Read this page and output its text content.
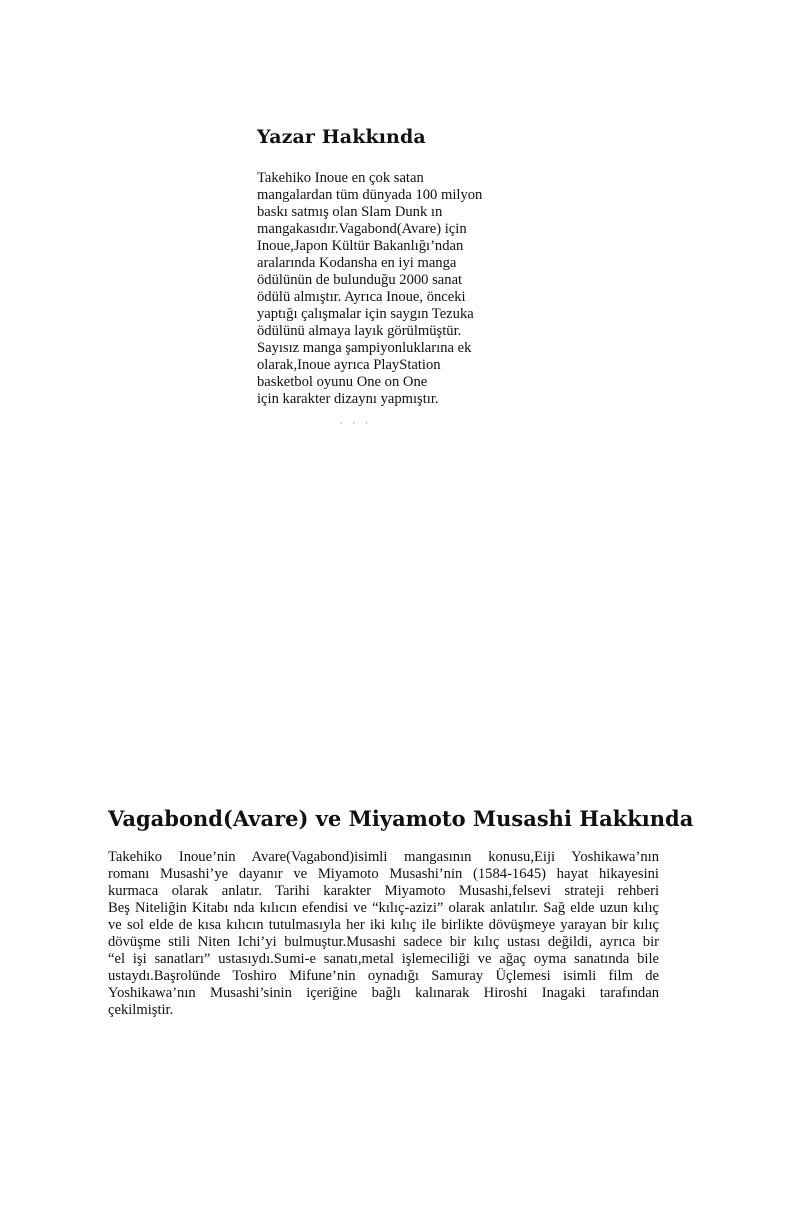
Yazar Hakkında
Takehiko Inoue en çok satan
mangalardan tüm dünyada 100 milyon
baskı satmış olan Slam Dunk ın
mangakasıdır.Vagabond(Avare) için
Inoue,Japon Kültür Bakanlığı’ndan
aralarında Kodansha en iyi manga
ödülünün de bulunduğu 2000 sanat
ödülü almıştır. Ayrıca Inoue, önceki
yaptığı çalışmalar için saygın Tezuka
ödülünü almaya layık görülmüştür.
Sayısız manga şampiyonluklarına ek
olarak,Inoue ayrıca PlayStation
basketbol oyunu One on One
için karakter dizaynı yapmıştır.
···
Vagabond(Avare) ve Miyamoto Musashi Hakkında
Takehiko Inoue’nin Avare(Vagabond)isimli mangasının konusu,Eiji Yoshikawa’nın
romanı Musashi’ye dayanır ve Miyamoto Musashi’nin (1584-1645) hayat hikayesini
kurmaca olarak anlatır. Tarihi karakter Miyamoto Musashi,felsevi strateji rehberi
Beş Niteliğin Kitabı nda kılıcın efendisi ve “kılıç-azizi” olarak anlatılır. Sağ elde uzun kılıç
ve sol elde de kısa kılıcın tutulmasıyla her iki kılıç ile birlikte dövüşmeye yarayan bir kılıç
dövüşme stili Niten Ichi’yi bulmuştur.Musashi sadece bir kılıç ustası değildi, ayrıca bir
“el işi sanatları” ustasıydı.Sumi-e sanatı,metal işlemeciliği ve ağaç oyma sanatında bile
ustaydı.Başrolünde Toshiro Mifune’nin oynadığı Samuray Üçlemesi isimli film de
Yoshikawa’nın Musashi’sinin içeriğine bağlı kalınarak Hiroshi Inagaki tarafından
çekilmiştir.
